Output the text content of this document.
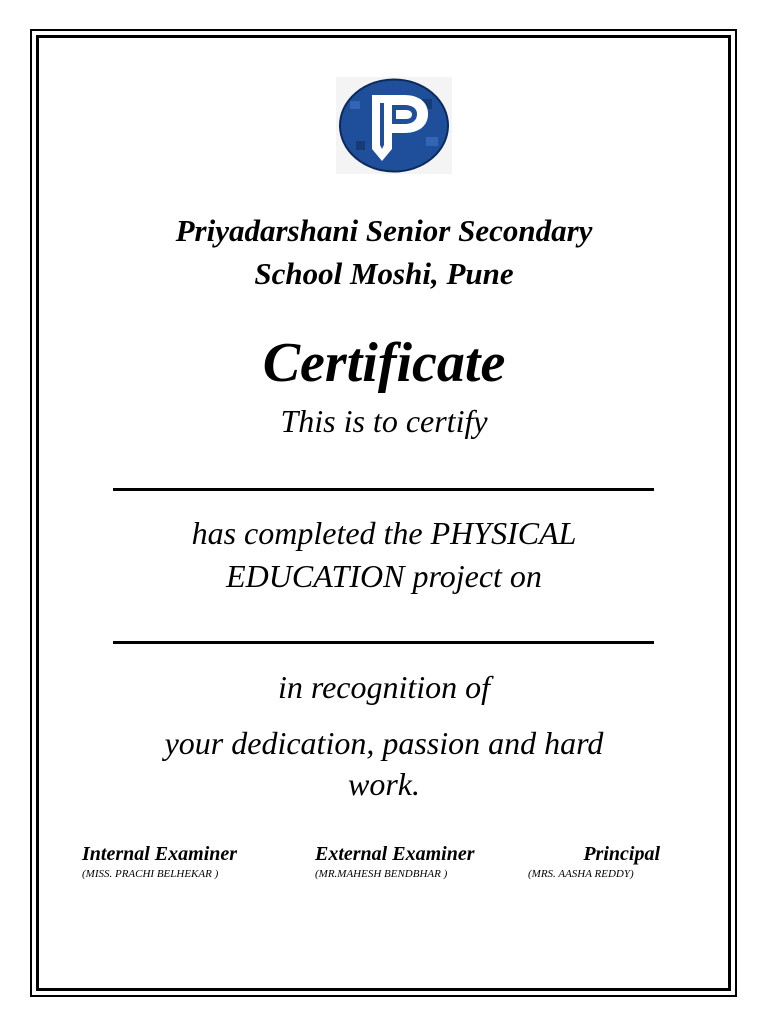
Priyadarshani Senior Secondary
School Moshi, Pune
Certificate
This is to certify
has completed the PHYSICAL
EDUCATION project on
in recognition of
your dedication, passion and hard
work.
Internal Examiner
(MISS. PRACHI BELHEKAR )
External Examiner
(MR.MAHESH BENDBHAR )
Principal
(MRS. AASHA REDDY)
